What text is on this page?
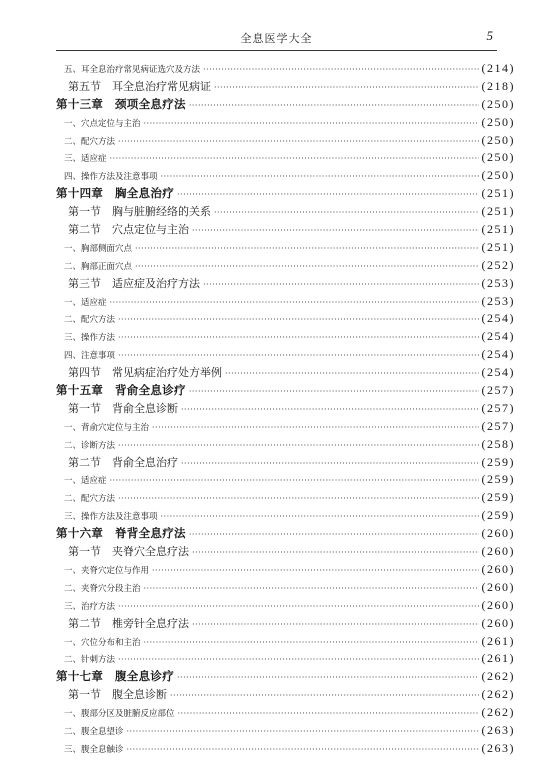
全息医学大全	5
五、耳全息治疗常见病证选穴及方法 ·····	(214)
第五节　耳全息治疗常见病证 ·····	(218)
第十三章　颈项全息疗法 ·····	(250)
一、穴点定位与主治 ·····	(250)
二、配穴方法 ·····	(250)
三、适应症 ·····	(250)
四、操作方法及注意事项 ·····	(250)
第十四章　胸全息治疗 ·····	(251)
第一节　胸与脏腑经络的关系 ·····	(251)
第二节　穴点定位与主治 ·····	(251)
一、胸部侧面穴点 ·····	(251)
二、胸部正面穴点 ·····	(252)
第三节　适应症及治疗方法 ·····	(253)
一、适应症 ·····	(253)
二、配穴方法 ·····	(254)
三、操作方法 ·····	(254)
四、注意事项 ·····	(254)
第四节　常见病症治疗处方举例 ·····	(254)
第十五章　背俞全息诊疗 ·····	(257)
第一节　背俞全息诊断 ·····	(257)
一、背俞穴定位与主治 ·····	(257)
二、诊断方法 ·····	(258)
第二节　背俞全息治疗 ·····	(259)
一、适应症 ·····	(259)
二、配穴方法 ·····	(259)
三、操作方法及注意事项 ·····	(259)
第十六章　脊背全息疗法 ·····	(260)
第一节　夹脊穴全息疗法 ·····	(260)
一、夹脊穴定位与作用 ·····	(260)
二、夹脊穴分段主治 ·····	(260)
三、治疗方法 ·····	(260)
第二节　椎旁针全息疗法 ·····	(260)
一、穴位分布和主治 ·····	(261)
二、针刺方法 ·····	(261)
第十七章　腹全息诊疗 ·····	(262)
第一节　腹全息诊断 ·····	(262)
一、腹部分区及脏腑反应部位 ·····	(262)
二、腹全息望诊 ·····	(263)
三、腹全息触诊 ·····	(263)
